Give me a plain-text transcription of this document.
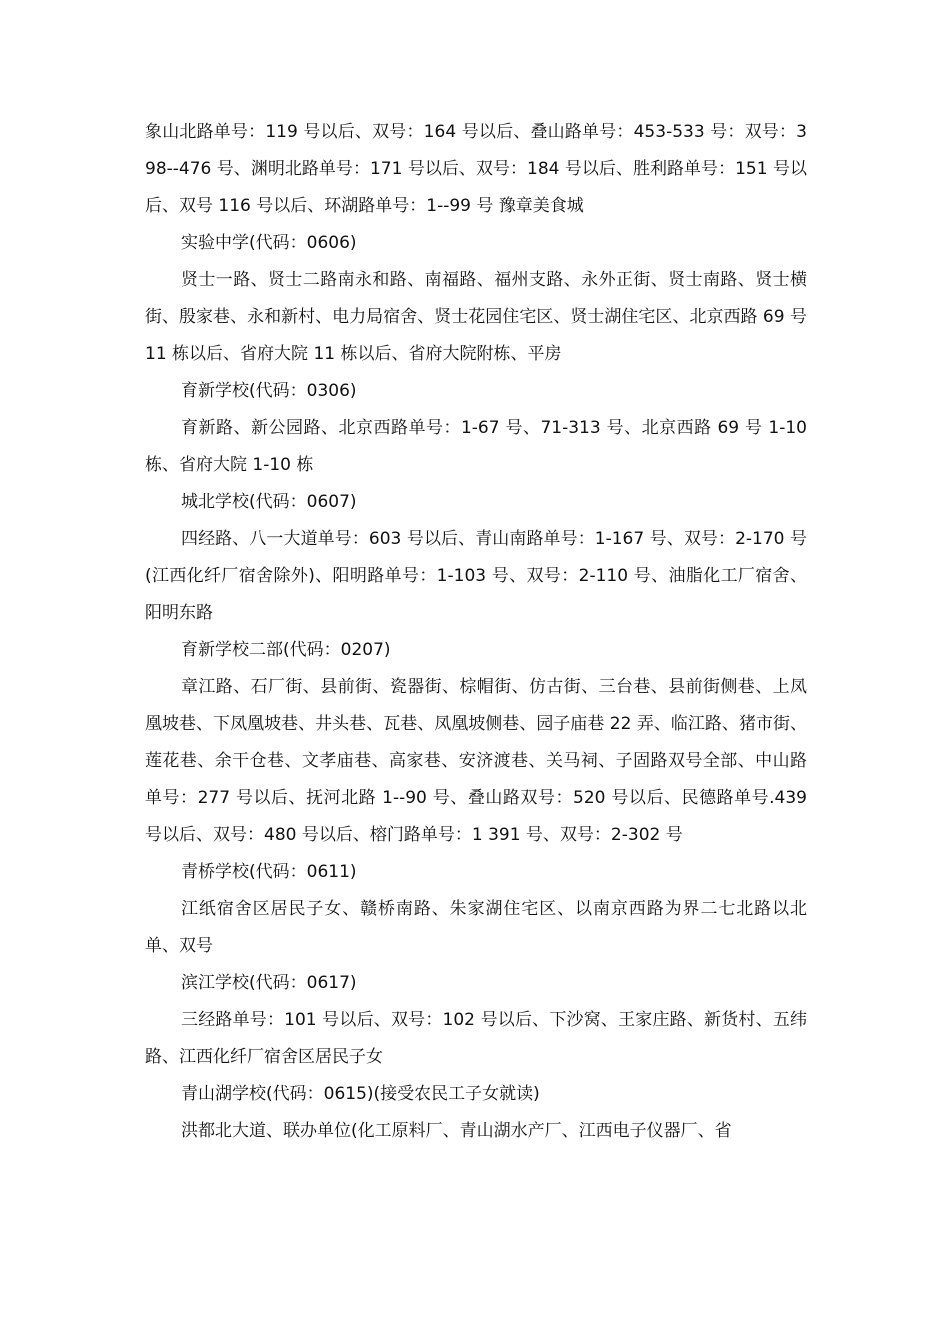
象山北路单号：119 号以后、双号：164 号以后、叠山路单号：453-533 号：双号：398--476 号、渊明北路单号：171 号以后、双号：184 号以后、胜利路单号：151 号以后、双号 116 号以后、环湖路单号：1--99 号 豫章美食城

实验中学(代码：0606)

贤士一路、贤士二路南永和路、南福路、福州支路、永外正街、贤士南路、贤士横街、殷家巷、永和新村、电力局宿舍、贤士花园住宅区、贤士湖住宅区、北京西路 69 号 11 栋以后、省府大院 11 栋以后、省府大院附栋、平房

育新学校(代码：0306)

育新路、新公园路、北京西路单号：1-67 号、71-313 号、北京西路 69 号 1-10 栋、省府大院 1-10 栋

城北学校(代码：0607)

四经路、八一大道单号：603 号以后、青山南路单号：1-167 号、双号：2-170 号(江西化纤厂宿舍除外)、阳明路单号：1-103 号、双号：2-110 号、油脂化工厂宿舍、阳明东路

育新学校二部(代码：0207)

章江路、石厂街、县前街、瓷器街、棕帽街、仿古街、三台巷、县前街侧巷、上凤凰坡巷、下凤凰坡巷、井头巷、瓦巷、凤凰坡侧巷、园子庙巷 22 弄、临江路、猪市街、 莲花巷、余干仓巷、文孝庙巷、高家巷、安济渡巷、关马祠、子固路双号全部、中山路单号：277 号以后、抚河北路 1--90 号、叠山路双号：520 号以后、民德路单号.439 号以后、双号：480 号以后、榕门路单号：1 391 号、双号：2-302 号

青桥学校(代码：0611)

江纸宿舍区居民子女、赣桥南路、朱家湖住宅区、以南京西路为界二七北路以北单、双号

滨江学校(代码：0617)

三经路单号：101 号以后、双号：102 号以后、下沙窝、王家庄路、新货村、五纬路、江西化纤厂宿舍区居民子女

青山湖学校(代码：0615)(接受农民工子女就读)

洪都北大道、联办单位(化工原料厂、青山湖水产厂、江西电子仪器厂、省
